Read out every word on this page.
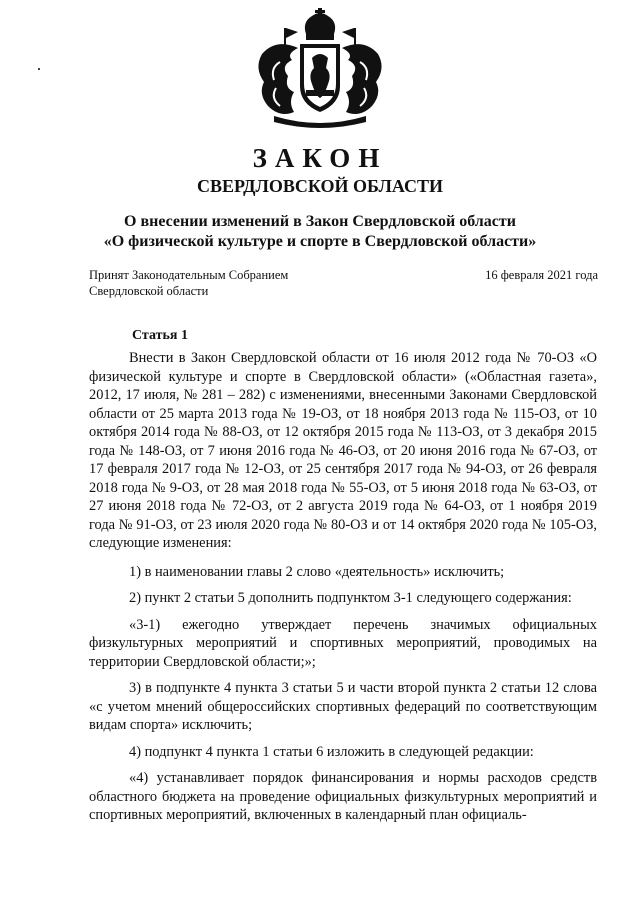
ЗАКОН
СВЕРДЛОВСКОЙ ОБЛАСТИ
О внесении изменений в Закон Свердловской области
«О физической культуре и спорте в Свердловской области»
Принят Законодательным Собранием
Свердловской области
16 февраля 2021 года
Статья 1

Внести в Закон Свердловской области от 16 июля 2012 года № 70-ОЗ «О физической культуре и спорте в Свердловской области» («Областная газета», 2012, 17 июля, № 281 – 282) с изменениями, внесенными Законами Свердловской области от 25 марта 2013 года № 19-ОЗ, от 18 ноября 2013 года № 115-ОЗ, от 10 октября 2014 года № 88-ОЗ, от 12 октября 2015 года № 113-ОЗ, от 3 декабря 2015 года № 148-ОЗ, от 7 июня 2016 года № 46-ОЗ, от 20 июня 2016 года № 67-ОЗ, от 17 февраля 2017 года № 12-ОЗ, от 25 сентября 2017 года № 94-ОЗ, от 26 февраля 2018 года № 9-ОЗ, от 28 мая 2018 года № 55-ОЗ, от 5 июня 2018 года № 63-ОЗ, от 27 июня 2018 года № 72-ОЗ, от 2 августа 2019 года № 64-ОЗ, от 1 ноября 2019 года № 91-ОЗ, от 23 июля 2020 года № 80-ОЗ и от 14 октября 2020 года № 105-ОЗ, следующие изменения:

1) в наименовании главы 2 слово «деятельность» исключить;

2) пункт 2 статьи 5 дополнить подпунктом 3-1 следующего содержания:

«3-1) ежегодно утверждает перечень значимых официальных физкультурных мероприятий и спортивных мероприятий, проводимых на территории Свердловской области;»;

3) в подпункте 4 пункта 3 статьи 5 и части второй пункта 2 статьи 12 слова «с учетом мнений общероссийских спортивных федераций по соответствующим видам спорта» исключить;

4) подпункт 4 пункта 1 статьи 6 изложить в следующей редакции:

«4) устанавливает порядок финансирования и нормы расходов средств областного бюджета на проведение официальных физкультурных мероприятий и спортивных мероприятий, включенных в календарный план официаль-
